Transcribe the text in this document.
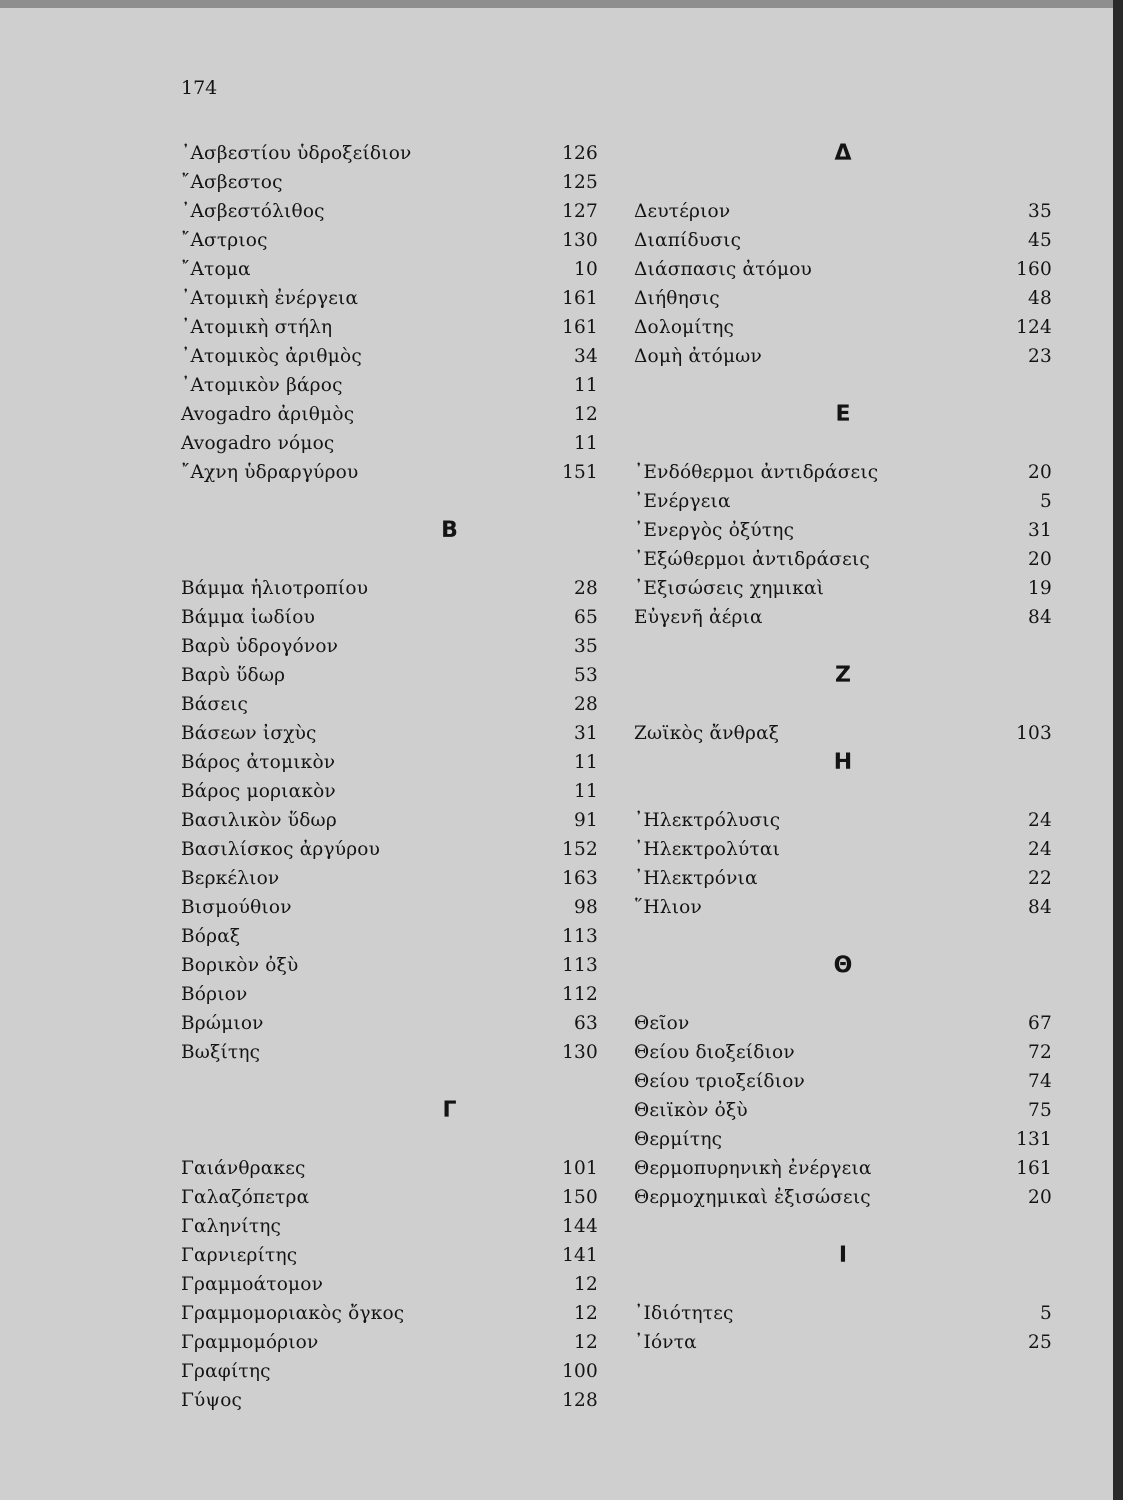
174
᾿Ασβεστίου ὑδροξείδιον	126
῎Ασβεστος	125
᾿Ασβεστόλιθος	127
῎Αστριος	130
῎Ατομα	10
᾿Ατομικὴ ἐνέργεια	161
᾿Ατομικὴ στήλη	161
᾿Ατομικὸς ἀριθμὸς	34
᾿Ατομικὸν βάρος	11
Avogadro ἀριθμὸς	12
Avogadro νόμος	11
῎Αχνη ὑδραργύρου	151
Β
Βάμμα ἡλιοτροπίου	28
Βάμμα ἰωδίου	65
Βαρὺ ὑδρογόνον	35
Βαρὺ ὕδωρ	53
Βάσεις	28
Βάσεων ἰσχὺς	31
Βάρος ἀτομικὸν	11
Βάρος μοριακὸν	11
Βασιλικὸν ὕδωρ	91
Βασιλίσκος ἀργύρου	152
Βερκέλιον	163
Βισμούθιον	98
Βόραξ	113
Βορικὸν ὀξὺ	113
Βόριον	112
Βρώμιον	63
Βωξίτης	130
Γ
Γαιάνθρακες	101
Γαλαζόπετρα	150
Γαληνίτης	144
Γαρνιερίτης	141
Γραμμοάτομον	12
Γραμμομοριακὸς ὄγκος	12
Γραμμομόριον	12
Γραφίτης	100
Γύψος	128
Δ
Δευτέριον	35
Διαπίδυσις	45
Διάσπασις ἀτόμου	160
Διήθησις	48
Δολομίτης	124
Δομὴ ἀτόμων	23
Ε
᾿Ενδόθερμοι ἀντιδράσεις	20
᾿Ενέργεια	5
᾿Ενεργὸς ὀξύτης	31
᾿Εξώθερμοι ἀντιδράσεις	20
᾿Εξισώσεις χημικαὶ	19
Εὐγενῆ ἀέρια	84
Ζ
Ζωϊκὸς ἄνθραξ	103
Η
᾿Ηλεκτρόλυσις	24
᾿Ηλεκτρολύται	24
᾿Ηλεκτρόνια	22
῞Ηλιον	84
Θ
Θεῖον	67
Θείου διοξείδιον	72
Θείου τριοξείδιον	74
Θειϊκὸν ὀξὺ	75
Θερμίτης	131
Θερμοπυρηνικὴ ἐνέργεια	161
Θερμοχημικαὶ ἐξισώσεις	20
Ι
᾿Ιδιότητες	5
᾿Ιόντα	25
